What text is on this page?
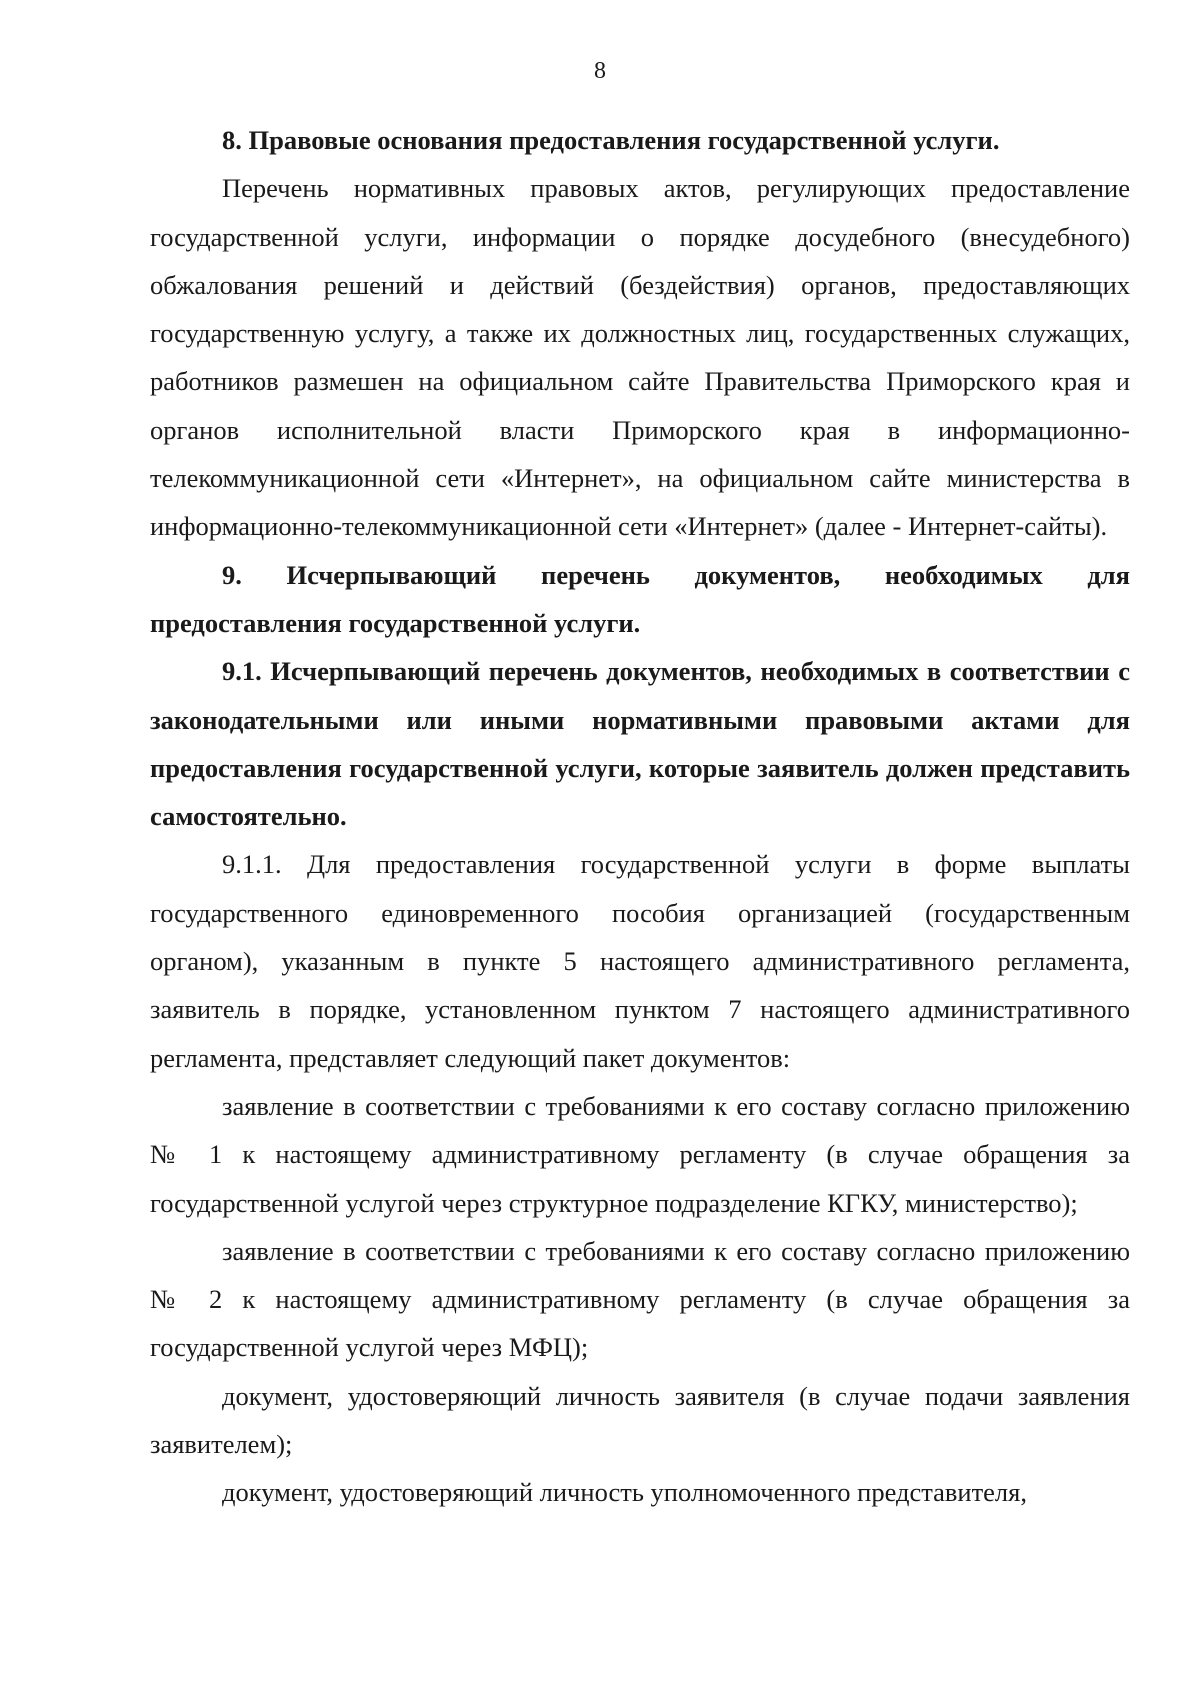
8

8. Правовые основания предоставления государственной услуги.

Перечень нормативных правовых актов, регулирующих предоставление государственной услуги, информации о порядке досудебного (внесудебного) обжалования решений и действий (бездействия) органов, предоставляющих государственную услугу, а также их должностных лиц, государственных служащих, работников размешен на официальном сайте Правительства Приморского края и органов исполнительной власти Приморского края в информационно-телекоммуникационной сети «Интернет», на официальном сайте министерства в информационно-телекоммуникационной сети «Интернет» (далее - Интернет-сайты).

9. Исчерпывающий перечень документов, необходимых для предоставления государственной услуги.

9.1. Исчерпывающий перечень документов, необходимых в соответствии с законодательными или иными нормативными правовыми актами для предоставления государственной услуги, которые заявитель должен представить самостоятельно.

9.1.1. Для предоставления государственной услуги в форме выплаты государственного единовременного пособия организацией (государственным органом), указанным в пункте 5 настоящего административного регламента, заявитель в порядке, установленном пунктом 7 настоящего административного регламента, представляет следующий пакет документов:

заявление в соответствии с требованиями к его составу согласно приложению № 1 к настоящему административному регламенту (в случае обращения за государственной услугой через структурное подразделение КГКУ, министерство);

заявление в соответствии с требованиями к его составу согласно приложению № 2 к настоящему административному регламенту (в случае обращения за государственной услугой через МФЦ);

документ, удостоверяющий личность заявителя (в случае подачи заявления заявителем);

документ, удостоверяющий личность уполномоченного представителя,
